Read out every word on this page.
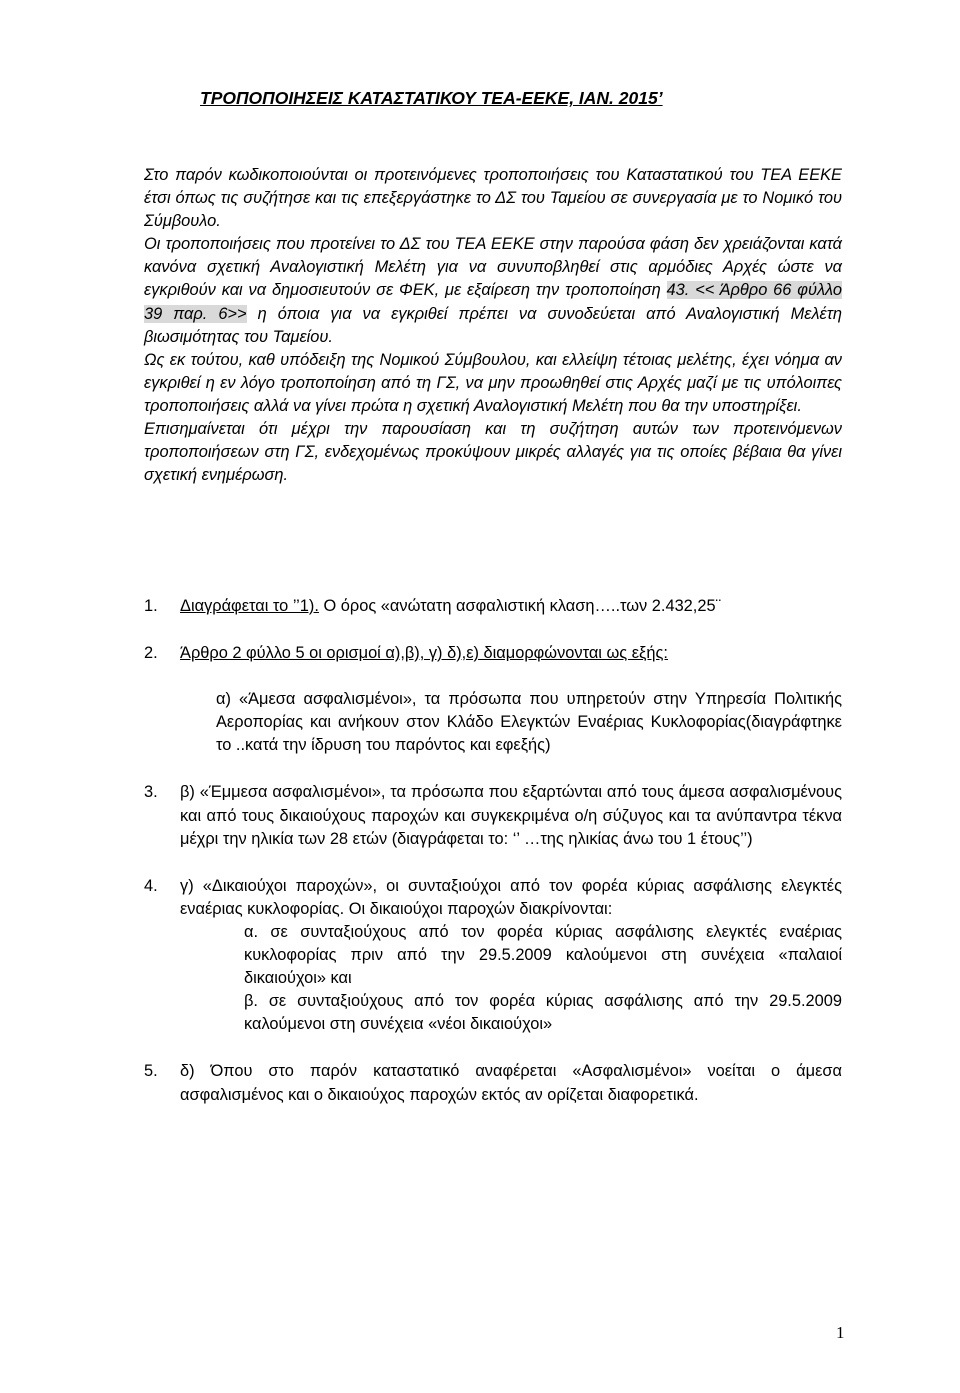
ΤΡΟΠΟΠΟΙΗΣΕΙΣ ΚΑΤΑΣΤΑΤΙΚΟΥ ΤΕΑ-ΕΕΚΕ, ΙΑΝ. 2015’

Στο παρόν κωδικοποιούνται οι προτεινόμενες τροποποιήσεις του Καταστατικού του ΤΕΑ ΕΕΚΕ έτσι όπως τις συζήτησε και τις επεξεργάστηκε το ΔΣ του Ταμείου σε συνεργασία με το Νομικό του Σύμβουλο.

Οι τροποποιήσεις που προτείνει το ΔΣ του ΤΕΑ ΕΕΚΕ στην παρούσα φάση δεν χρειάζονται κατά κανόνα σχετική Αναλογιστική Μελέτη για να συνυποβληθεί στις αρμόδιες Αρχές ώστε να εγκριθούν και να δημοσιευτούν σε ΦΕΚ, με εξαίρεση την τροποποίηση 43. << Άρθρο 66 φύλλο 39 παρ. 6>> η όποια για να εγκριθεί πρέπει να συνοδεύεται από Αναλογιστική Μελέτη βιωσιμότητας του Ταμείου.

Ως εκ τούτου, καθ υπόδειξη της Νομικού Σύμβουλου, και ελλείψη τέτοιας μελέτης, έχει νόημα αν εγκριθεί η εν λόγο τροποποίηση από τη ΓΣ, να μην προωθηθεί στις Αρχές μαζί με τις υπόλοιπες τροποποιήσεις αλλά να γίνει πρώτα η σχετική Αναλογιστική Μελέτη που θα την υποστηρίξει.

Επισημαίνεται ότι μέχρι την παρουσίαση και τη συζήτηση αυτών των προτεινόμενων τροποποιήσεων στη ΓΣ, ενδεχομένως προκύψουν μικρές αλλαγές για τις οποίες βέβαια θα γίνει σχετική ενημέρωση.

1. Διαγράφεται το ’’1). Ο όρος «ανώτατη ασφαλιστική κλαση…..των 2.432,25¨
2. Άρθρο 2 φύλλο 5 οι ορισμοί α),β), γ) δ),ε) διαμορφώνονται ως εξής:
α) «Άμεσα ασφαλισμένοι», τα πρόσωπα που υπηρετούν στην Υπηρεσία Πολιτικής Αεροπορίας και ανήκουν στον Κλάδο Ελεγκτών Εναέριας Κυκλοφορίας(διαγράφτηκε το ..κατά την ίδρυση του παρόντος και εφεξής)
3. β) «Έμμεσα ασφαλισμένοι», τα πρόσωπα που εξαρτώνται από τους άμεσα ασφαλισμένους και από τους δικαιούχους παροχών και συγκεκριμένα ο/η σύζυγος και τα ανύπαντρα τέκνα μέχρι την ηλικία των 28 ετών (διαγράφεται το: ‘’ …της ηλικίας άνω του 1 έτους’’)
4. γ) «Δικαιούχοι παροχών», οι συνταξιούχοι από τον φορέα κύριας ασφάλισης ελεγκτές εναέριας κυκλοφορίας. Οι δικαιούχοι παροχών διακρίνονται:
α. σε συνταξιούχους από τον φορέα κύριας ασφάλισης ελεγκτές εναέριας κυκλοφορίας πριν από την 29.5.2009 καλούμενοι στη συνέχεια «παλαιοί δικαιούχοι» και
β. σε συνταξιούχους από τον φορέα κύριας ασφάλισης από την 29.5.2009 καλούμενοι στη συνέχεια «νέοι δικαιούχοι»
5. δ) Όπου στο παρόν καταστατικό αναφέρεται «Ασφαλισμένοι» νοείται ο άμεσα ασφαλισμένος και ο δικαιούχος παροχών εκτός αν ορίζεται διαφορετικά.
1
